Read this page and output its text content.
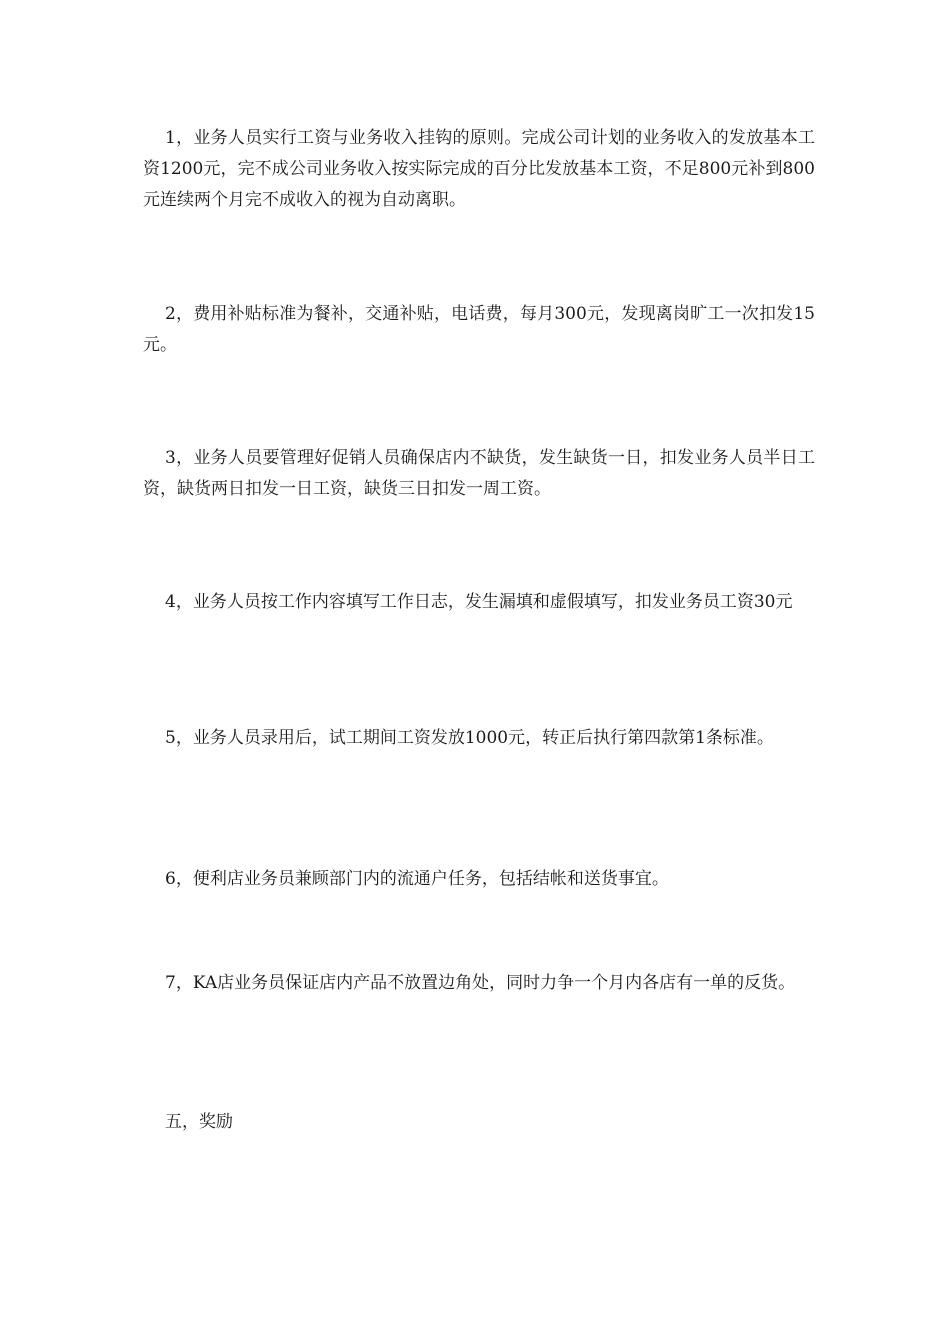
1，业务人员实行工资与业务收入挂钩的原则。完成公司计划的业务收入的发放基本工资1200元，完不成公司业务收入按实际完成的百分比发放基本工资，不足800元补到800元连续两个月完不成收入的视为自动离职。

2，费用补贴标准为餐补，交通补贴，电话费，每月300元，发现离岗旷工一次扣发15元。

3，业务人员要管理好促销人员确保店内不缺货，发生缺货一日，扣发业务人员半日工资，缺货两日扣发一日工资，缺货三日扣发一周工资。

4，业务人员按工作内容填写工作日志，发生漏填和虚假填写，扣发业务员工资30元

5，业务人员录用后，试工期间工资发放1000元，转正后执行第四款第1条标准。

6，便利店业务员兼顾部门内的流通户任务，包括结帐和送货事宜。

7，KA店业务员保证店内产品不放置边角处，同时力争一个月内各店有一单的反货。

五，奖励
